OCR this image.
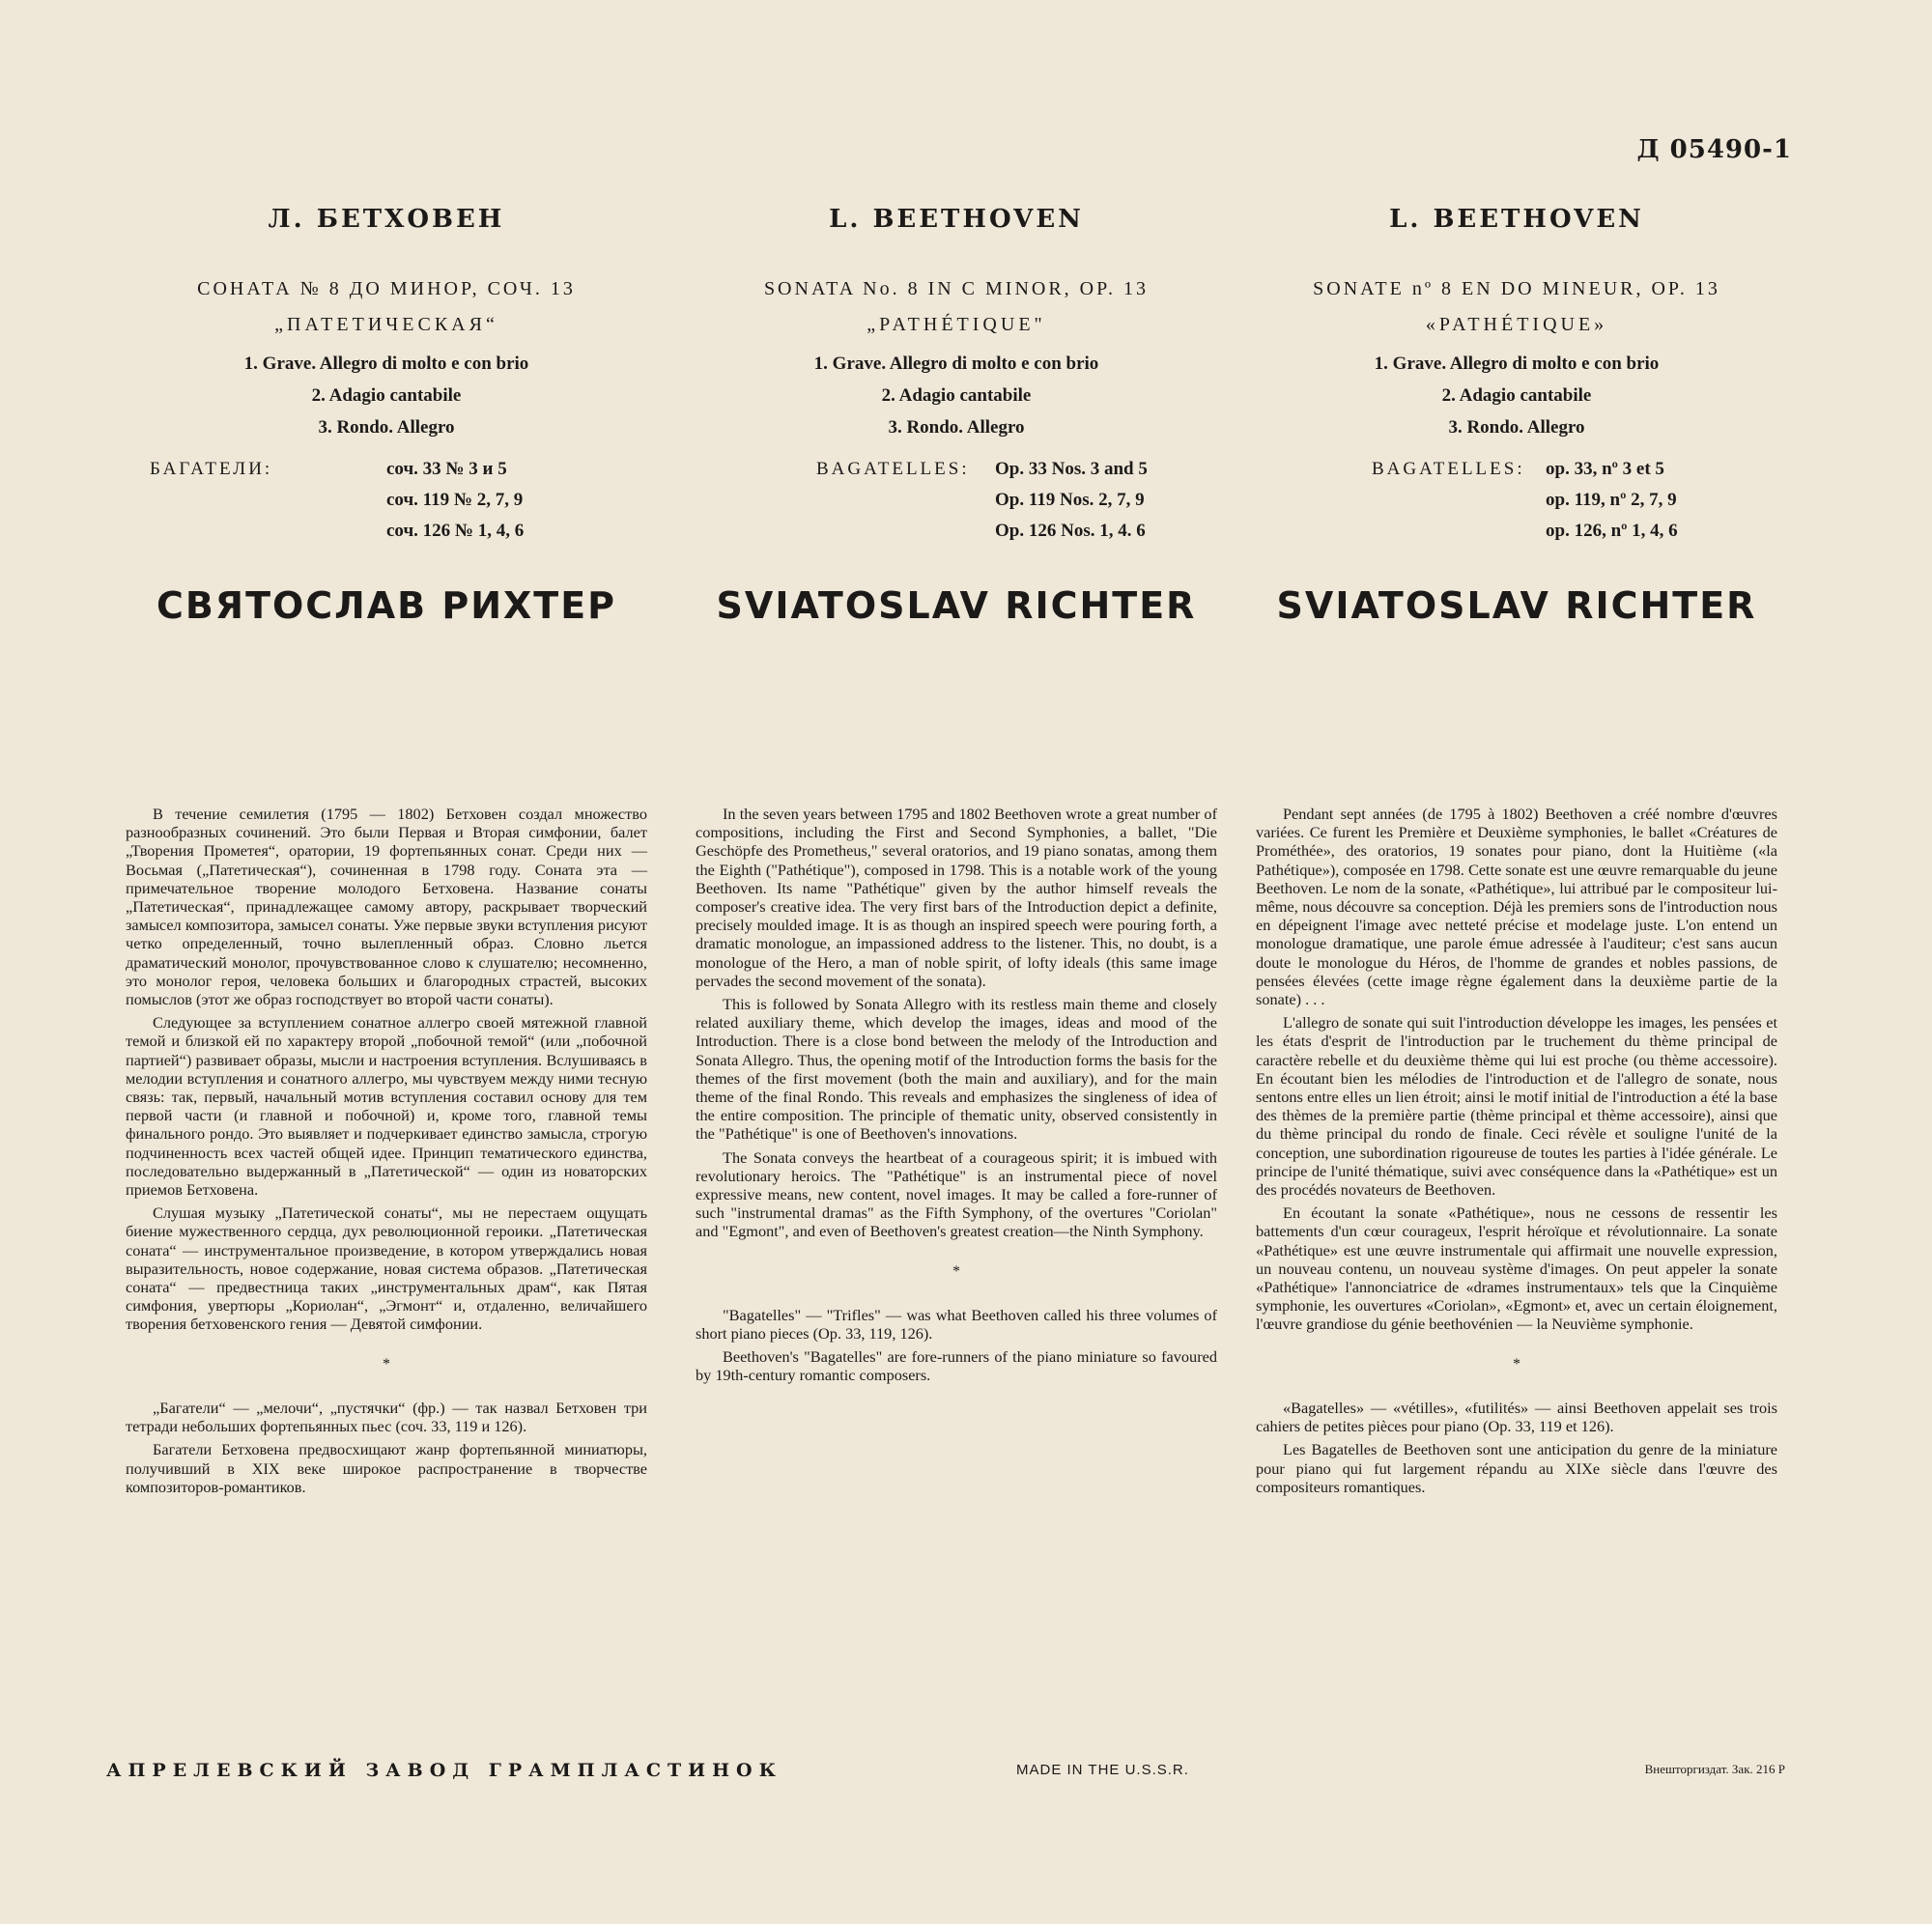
Д 05490-1
Л. БЕТХОВЕН
СОНАТА № 8 ДО МИНОР, СОЧ. 13
„ПАТЕТИЧЕСКАЯ“
1. Grave. Allegro di molto e con brio
2. Adagio cantabile
3. Rondo. Allegro
БАГАТЕЛИ:	соч. 33 № 3 и 5
соч. 119 № 2, 7, 9
соч. 126 № 1, 4, 6
СВЯТОСЛАВ РИХТЕР

В течение семилетия (1795 — 1802) Бетховен создал множество разнообразных сочинений. Это были Первая и Вторая симфонии, балет „Творения Прометея“, оратории, 19 фортепьянных сонат. Среди них — Восьмая („Патетическая“), сочиненная в 1798 году. Соната эта — примечательное творение молодого Бетховена. Название сонаты „Патетическая“, принадлежащее самому автору, раскрывает творческий замысел композитора, замысел сонаты. Уже первые звуки вступления рисуют четко определенный, точно вылепленный образ. Словно льется драматический монолог, прочувствованное слово к слушателю; несомненно, это монолог героя, человека больших и благородных страстей, высоких помыслов (этот же образ господствует во второй части сонаты).

Следующее за вступлением сонатное аллегро своей мятежной главной темой и близкой ей по характеру второй „побочной темой“ (или „побочной партией“) развивает образы, мысли и настроения вступления. Вслушиваясь в мелодии вступления и сонатного аллегро, мы чувствуем между ними тесную связь: так, первый, начальный мотив вступления составил основу для тем первой части (и главной и побочной) и, кроме того, главной темы финального рондо. Это выявляет и подчеркивает единство замысла, строгую подчиненность всех частей общей идее. Принцип тематического единства, последовательно выдержанный в „Патетической“ — один из новаторских приемов Бетховена.

Слушая музыку „Патетической сонаты“, мы не перестаем ощущать биение мужественного сердца, дух революционной героики. „Патетическая соната“ — инструментальное произведение, в котором утверждались новая выразительность, новое содержание, новая система образов. „Патетическая соната“ — предвестница таких „инструментальных драм“, как Пятая симфония, увертюры „Кориолан“, „Эгмонт“ и, отдаленно, величайшего творения бетховенского гения — Девятой симфонии.

*

„Багатели“ — „мелочи“, „пустячки“ (фр.) — так назвал Бетховен три тетради небольших фортепьянных пьес (соч. 33, 119 и 126).

Багатели Бетховена предвосхищают жанр фортепьянной миниатюры, получивший в XIX веке широкое распространение в творчестве композиторов-романтиков.

L. BEETHOVEN
SONATA No. 8 IN C MINOR, OP. 13
„PATHÉTIQUE"
1. Grave. Allegro di molto e con brio
2. Adagio cantabile
3. Rondo. Allegro
BAGATELLES: Op. 33 Nos. 3 and 5
Op. 119 Nos. 2, 7, 9
Op. 126 Nos. 1, 4. 6
SVIATOSLAV RICHTER

In the seven years between 1795 and 1802 Beethoven wrote a great number of compositions, including the First and Second Symphonies, a ballet, "Die Geschöpfe des Prometheus," several oratorios, and 19 piano sonatas, among them the Eighth ("Pathétique"), composed in 1798. This is a notable work of the young Beethoven. Its name "Pathétique" given by the author himself reveals the composer's creative idea. The very first bars of the Introduction depict a definite, precisely moulded image. It is as though an inspired speech were pouring forth, a dramatic monologue, an impassioned address to the listener. This, no doubt, is a monologue of the Hero, a man of noble spirit, of lofty ideals (this same image pervades the second movement of the sonata).

This is followed by Sonata Allegro with its restless main theme and closely related auxiliary theme, which develop the images, ideas and mood of the Introduction. There is a close bond between the melody of the Introduction and Sonata Allegro. Thus, the opening motif of the Introduction forms the basis for the themes of the first movement (both the main and auxiliary), and for the main theme of the final Rondo. This reveals and emphasizes the singleness of idea of the entire composition. The principle of thematic unity, observed consistently in the "Pathétique" is one of Beethoven's innovations.

The Sonata conveys the heartbeat of a courageous spirit; it is imbued with revolutionary heroics. The "Pathétique" is an instrumental piece of novel expressive means, new content, novel images. It may be called a fore-runner of such "instrumental dramas" as the Fifth Symphony, of the overtures "Coriolan" and "Egmont", and even of Beethoven's greatest creation—the Ninth Symphony.

*

"Bagatelles" — "Trifles" — was what Beethoven called his three volumes of short piano pieces (Op. 33, 119, 126).

Beethoven's "Bagatelles" are fore-runners of the piano miniature so favoured by 19th-century romantic composers.

L. BEETHOVEN
SONATE nº 8 EN DO MINEUR, OP. 13
«PATHÉTIQUE»
1. Grave. Allegro di molto e con brio
2. Adagio cantabile
3. Rondo. Allegro
BAGATELLES: op. 33, nº 3 et 5
op. 119, nº 2, 7, 9
op. 126, nº 1, 4, 6
SVIATOSLAV RICHTER

Pendant sept années (de 1795 à 1802) Beethoven a créé nombre d'œuvres variées. Ce furent les Première et Deuxième symphonies, le ballet «Créatures de Prométhée», des oratorios, 19 sonates pour piano, dont la Huitième («la Pathétique»), composée en 1798. Cette sonate est une œuvre remarquable du jeune Beethoven. Le nom de la sonate, «Pathétique», lui attribué par le compositeur lui-même, nous découvre sa conception. Déjà les premiers sons de l'introduction nous en dépeignent l'image avec netteté précise et modelage juste. L'on entend un monologue dramatique, une parole émue adressée à l'auditeur; c'est sans aucun doute le monologue du Héros, de l'homme de grandes et nobles passions, de pensées élevées (cette image règne également dans la deuxième partie de la sonate) . . .

L'allegro de sonate qui suit l'introduction développe les images, les pensées et les états d'esprit de l'introduction par le truchement du thème principal de caractère rebelle et du deuxième thème qui lui est proche (ou thème accessoire). En écoutant bien les mélodies de l'introduction et de l'allegro de sonate, nous sentons entre elles un lien étroit; ainsi le motif initial de l'introduction a été la base des thèmes de la première partie (thème principal et thème accessoire), ainsi que du thème principal du rondo de finale. Ceci révèle et souligne l'unité de la conception, une subordination rigoureuse de toutes les parties à l'idée générale. Le principe de l'unité thématique, suivi avec conséquence dans la «Pathétique» est un des procédés novateurs de Beethoven.

En écoutant la sonate «Pathétique», nous ne cessons de ressentir les battements d'un cœur courageux, l'esprit héroïque et révolutionnaire. La sonate «Pathétique» est une œuvre instrumentale qui affirmait une nouvelle expression, un nouveau contenu, un nouveau système d'images. On peut appeler la sonate «Pathétique» l'annonciatrice de «drames instrumentaux» tels que la Cinquième symphonie, les ouvertures «Coriolan», «Egmont» et, avec un certain éloignement, l'œuvre grandiose du génie beethovénien — la Neuvième symphonie.

*

«Bagatelles» — «vétilles», «futilités» — ainsi Beethoven appelait ses trois cahiers de petites pièces pour piano (Op. 33, 119 et 126).

Les Bagatelles de Beethoven sont une anticipation du genre de la miniature pour piano qui fut largement répandu au XIXe siècle dans l'œuvre des compositeurs romantiques.

АПРЕЛЕВСКИЙ ЗАВОД ГРАМПЛАСТИНОК	MADE IN THE U.S.S.R.	Внешторгиздат. Зак. 216 Р
